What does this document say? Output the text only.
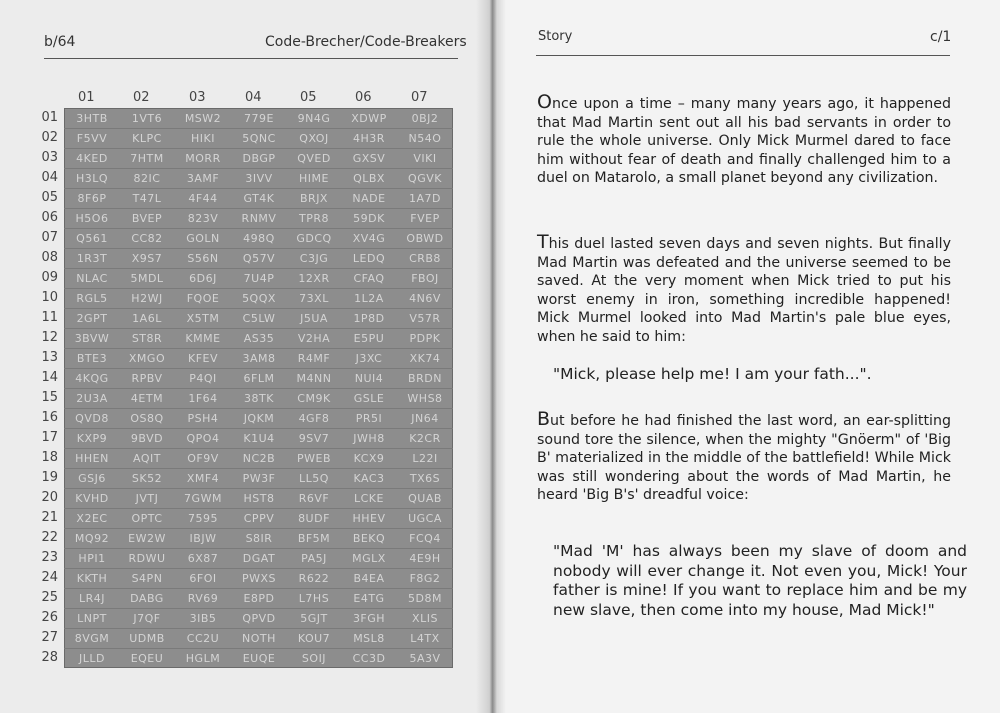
b/64	Code-Brecher/Code-Breakers	Story	c/1
01	02	03	04	05	06	07
01	3HTB	1VT6	MSW2	779E	9N4G	XDWP	0BJ2
02	F5VV	KLPC	HIKI	5QNC	QXOJ	4H3R	N54O
03	4KED	7HTM	MORR	DBGP	QVED	GXSV	VIKI
04	H3LQ	82IC	3AMF	3IVV	HIME	QLBX	QGVK
05	8F6P	T47L	4F44	GT4K	BRJX	NADE	1A7D
06	H5O6	BVEP	823V	RNMV	TPR8	59DK	FVEP
07	Q561	CC82	GOLN	498Q	GDCQ	XV4G	OBWD
08	1R3T	X9S7	S56N	Q57V	C3JG	LEDQ	CRB8
09	NLAC	5MDL	6D6J	7U4P	12XR	CFAQ	FBOJ
10	RGL5	H2WJ	FQOE	5QQX	73XL	1L2A	4N6V
11	2GPT	1A6L	X5TM	C5LW	J5UA	1P8D	V57R
12	3BVW	ST8R	KMME	AS35	V2HA	E5PU	PDPK
13	BTE3	XMGO	KFEV	3AM8	R4MF	J3XC	XK74
14	4KQG	RPBV	P4QI	6FLM	M4NN	NUI4	BRDN
15	2U3A	4ETM	1F64	38TK	CM9K	GSLE	WHS8
16	QVD8	OS8Q	PSH4	JQKM	4GF8	PR5I	JN64
17	KXP9	9BVD	QPO4	K1U4	9SV7	JWH8	K2CR
18	HHEN	AQIT	OF9V	NC2B	PWEB	KCX9	L22I
19	GSJ6	SK52	XMF4	PW3F	LL5Q	KAC3	TX6S
20	KVHD	JVTJ	7GWM	HST8	R6VF	LCKE	QUAB
21	X2EC	OPTC	7595	CPPV	8UDF	HHEV	UGCA
22	MQ92	EW2W	IBJW	S8IR	BF5M	BEKQ	FCQ4
23	HPI1	RDWU	6X87	DGAT	PA5J	MGLX	4E9H
24	KKTH	S4PN	6FOI	PWXS	R622	B4EA	F8G2
25	LR4J	DABG	RV69	E8PD	L7HS	E4TG	5D8M
26	LNPT	J7QF	3IB5	QPVD	5GJT	3FGH	XLIS
27	8VGM	UDMB	CC2U	NOTH	KOU7	MSL8	L4TX
28	JLLD	EQEU	HGLM	EUQE	SOIJ	CC3D	5A3V

Once upon a time – many many years ago, it happened that Mad Martin sent out all his bad servants in order to rule the whole universe. Only Mick Murmel dared to face him without fear of death and finally challenged him to a duel on Matarolo, a small planet beyond any civilization.

This duel lasted seven days and seven nights. But finally Mad Martin was defeated and the universe seemed to be saved. At the very moment when Mick tried to put his worst enemy in iron, something incredible happened! Mick Murmel looked into Mad Martin's pale blue eyes, when he said to him:

"Mick, please help me! I am your fath...".

But before he had finished the last word, an ear-splitting sound tore the silence, when the mighty "Gnöerm" of 'Big B' materialized in the middle of the battlefield! While Mick was still wondering about the words of Mad Martin, he heard 'Big B's' dreadful voice:

"Mad 'M' has always been my slave of doom and nobody will ever change it. Not even you, Mick! Your father is mine! If you want to replace him and be my new slave, then come into my house, Mad Mick!"
